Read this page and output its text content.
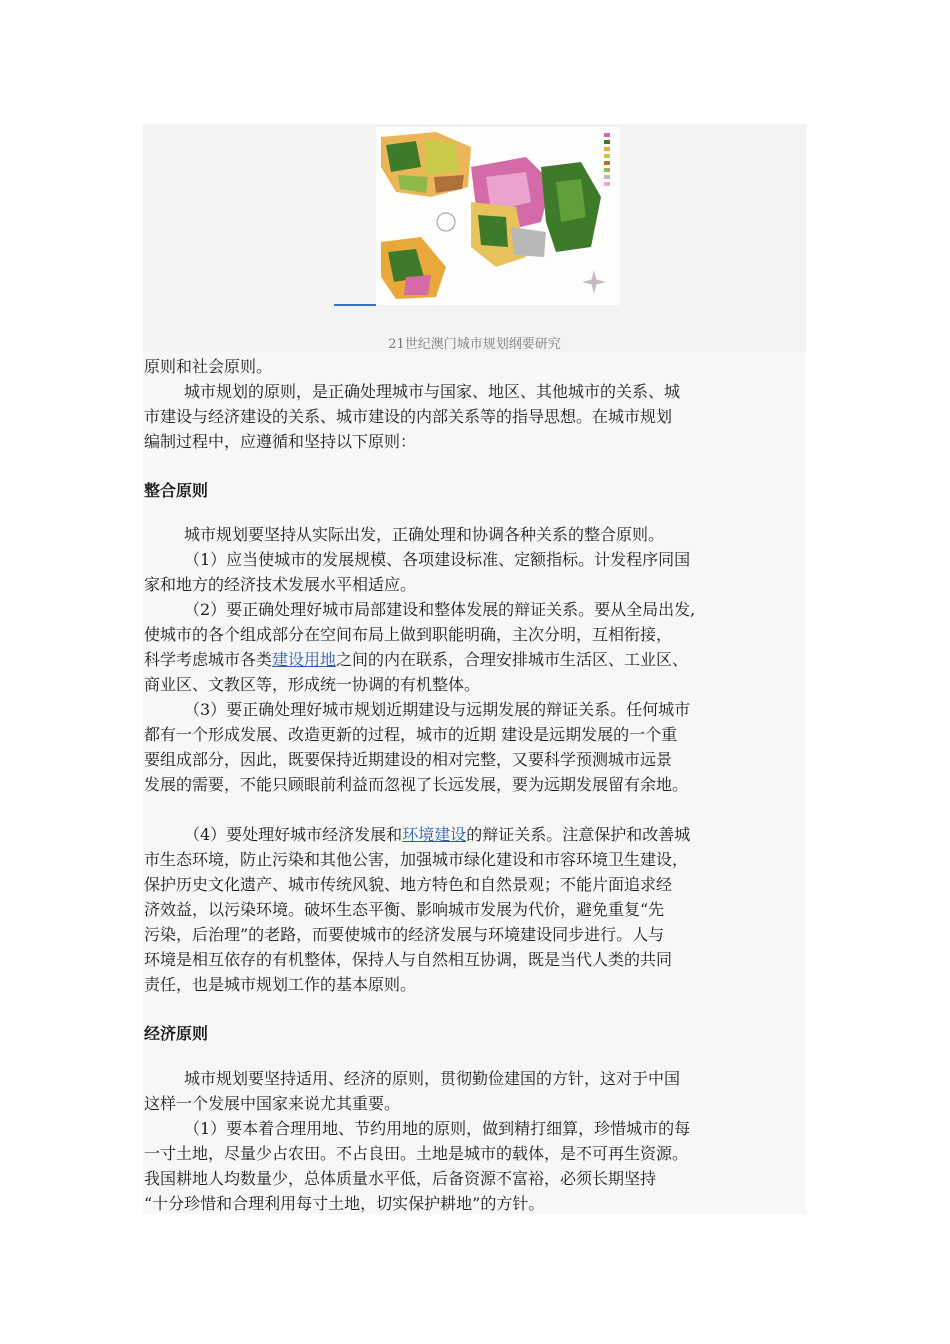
21世纪澳门城市规划纲要研究
原则和社会原则。
城市规划的原则，是正确处理城市与国家、地区、其他城市的关系、城
市建设与经济建设的关系、城市建设的内部关系等的指导思想。在城市规划
编制过程中，应遵循和坚持以下原则：
整合原则
城市规划要坚持从实际出发，正确处理和协调各种关系的整合原则。
（1）应当使城市的发展规模、各项建设标准、定额指标。计发程序同国
家和地方的经济技术发展水平相适应。
（2）要正确处理好城市局部建设和整体发展的辩证关系。要从全局出发,
使城市的各个组成部分在空间布局上做到职能明确，主次分明，互相衔接，
科学考虑城市各类建设用地之间的内在联系，合理安排城市生活区、工业区、
商业区、文教区等，形成统一协调的有机整体。
（3）要正确处理好城市规划近期建设与远期发展的辩证关系。任何城市
都有一个形成发展、改造更新的过程，城市的近期 建设是远期发展的一个重
要组成部分，因此，既要保持近期建设的相对完整，又要科学预测城市远景
发展的需要，不能只顾眼前利益而忽视了长远发展，要为远期发展留有余地。
（4）要处理好城市经济发展和环境建设的辩证关系。注意保护和改善城
市生态环境，防止污染和其他公害，加强城市绿化建设和市容环境卫生建设，
保护历史文化遗产、城市传统风貌、地方特色和自然景观；不能片面追求经
济效益，以污染环境。破坏生态平衡、影响城市发展为代价，避免重复“先
污染，后治理”的老路，而要使城市的经济发展与环境建设同步进行。人与
环境是相互依存的有机整体，保持人与自然相互协调，既是当代人类的共同
责任，也是城市规划工作的基本原则。
经济原则
城市规划要坚持适用、经济的原则，贯彻勤俭建国的方针，这对于中国
这样一个发展中国家来说尤其重要。
（1）要本着合理用地、节约用地的原则，做到精打细算，珍惜城市的每
一寸土地，尽量少占农田。不占良田。土地是城市的载体，是不可再生资源。
我国耕地人均数量少，总体质量水平低，后备资源不富裕，必须长期坚持
“十分珍惜和合理利用每寸土地，切实保护耕地”的方针。
